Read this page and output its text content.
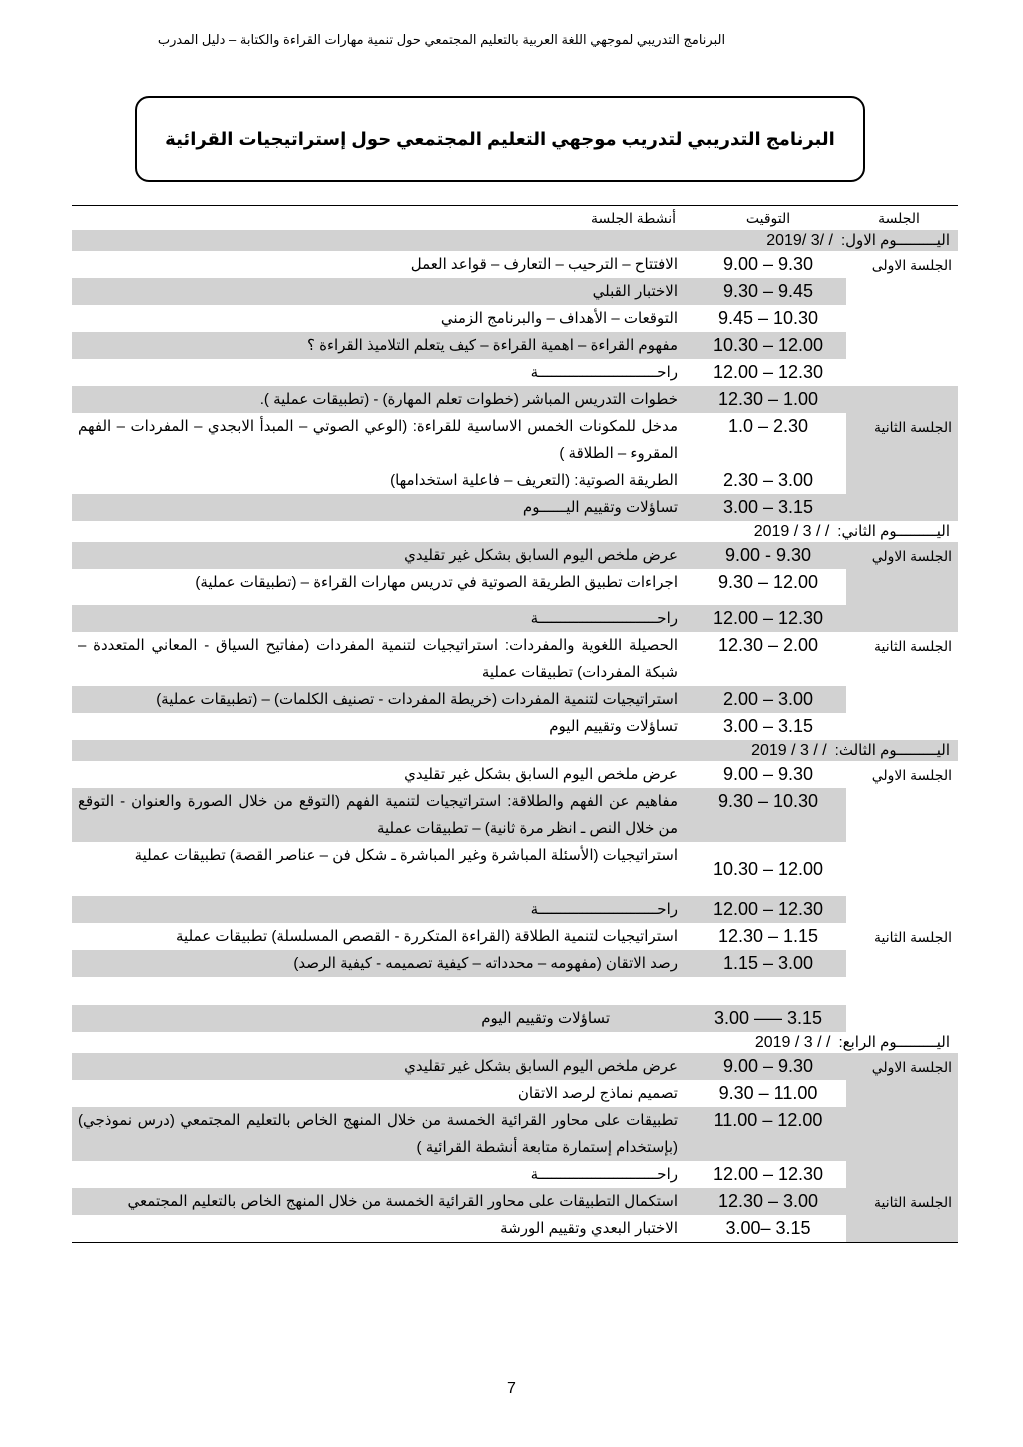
البرنامج التدريبي لموجهي اللغة العربية بالتعليم المجتمعي حول تنمية مهارات القراءة والكتابة – دليل المدرب
البرنامج التدريبي لتدريب موجهي التعليم المجتمعي حول إستراتيجيات القرائية
الجلسة
التوقيت
أنشطة الجلسة
اليـــــــــوم الاول:
2019/ 3/ /
الجلسة الاولى
9.00 – 9.30
الافتتاح – الترحيب – التعارف – قواعد العمل
9.30 – 9.45
الاختبار القبلي
9.45 – 10.30
التوقعات – الأهداف – والبرنامج الزمني
10.30 – 12.00
مفهوم القراءة – اهمية القراءة – كيف يتعلم التلاميذ القراءة ؟
12.00 – 12.30
راحـــــــــــــــــــــــــــة
الجلسة الثانية
12.30 – 1.00
خطوات التدريس المباشر (خطوات تعلم المهارة) - (تطبيقات عملية ).
1.0 – 2.30
مدخل للمكونات الخمس الاساسية للقراءة: (الوعي الصوتي – المبدأ الابجدي – المفردات – الفهم المقروء – الطلاقة )
2.30 – 3.00
الطريقة الصوتية: (التعريف – فاعلية استخدامها)
3.00 – 3.15
تساؤلات وتقييم اليــــــوم
اليـــــــــوم الثاني:
2019 / 3 / /
الجلسة الاولي
9.00 - 9.30
عرض ملخص اليوم السابق بشكل غير تقليدي
9.30 – 12.00
اجراءات تطبيق الطريقة الصوتية في تدريس مهارات القراءة – (تطبيقات عملية)
12.00 – 12.30
راحـــــــــــــــــــــــــــة
الجلسة الثانية
12.30 – 2.00
الحصيلة اللغوية والمفردات: استراتيجيات لتنمية المفردات (مفاتيح السياق - المعاني المتعددة – شبكة المفردات) تطبيقات عملية
2.00 – 3.00
استراتيجيات لتنمية المفردات (خريطة المفردات - تصنيف الكلمات) – (تطبيقات عملية)
3.00 – 3.15
تساؤلات وتقييم اليوم
اليـــــــــوم الثالث:
2019 / 3 / /
الجلسة الاولي
9.00 – 9.30
عرض ملخص اليوم السابق بشكل غير تقليدي
9.30 – 10.30
مفاهيم عن الفهم والطلاقة: استراتيجيات لتنمية الفهم (التوقع من خلال الصورة والعنوان - التوقع من خلال النص ـ انظر مرة ثانية) – تطبيقات عملية
10.30 – 12.00
استراتيجيات (الأسئلة المباشرة وغير المباشرة ـ شكل فن – عناصر القصة) تطبيقات عملية
12.00 – 12.30
راحـــــــــــــــــــــــــــة
الجلسة الثانية
12.30 – 1.15
استراتيجيات لتنمية الطلاقة (القراءة المتكررة - القصص المسلسلة) تطبيقات عملية
1.15 – 3.00
رصد الاتقان (مفهومه – محدداته – كيفية تصميمه - كيفية الرصد)
3.00 —– 3.15
تساؤلات وتقييم اليوم
اليـــــــــوم الرابع:
2019 / 3 / /
الجلسة الاولي
9.00 – 9.30
عرض ملخص اليوم السابق بشكل غير تقليدي
9.30 – 11.00
تصميم نماذج لرصد الاتقان
11.00 – 12.00
تطبيقات على محاور القرائية الخمسة من خلال المنهج الخاص بالتعليم المجتمعي (درس نموذجي) (بإستخدام إستمارة متابعة أنشطة القرائية )
12.00 – 12.30
راحـــــــــــــــــــــــــــة
الجلسة الثانية
12.30 – 3.00
استكمال التطبيقات على محاور القرائية الخمسة من خلال المنهج الخاص بالتعليم المجتمعي
3.00– 3.15
الاختبار البعدي وتقييم الورشة
7
